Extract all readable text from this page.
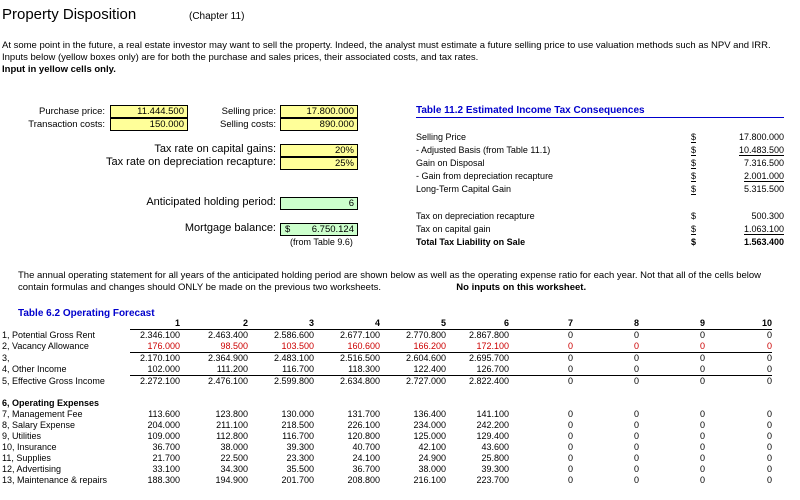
Property Disposition	(Chapter 11)
At some point in the future, a real estate investor may want to sell the property. Indeed, the analyst must estimate a future selling price to use valuation methods such as NPV and IRR. Inputs below (yellow boxes only) are for both the purchase and sales prices, their associated costs, and tax rates.
Input in yellow cells only.
Purchase price:	11.444.500
Transaction costs:	150.000
Selling price:	17.800.000
Selling costs:	890.000
Tax rate on capital gains:	20%
Tax rate on depreciation recapture:	25%
Anticipated holding period:	6
Mortgage balance: $ 6.750.124
(from Table 9.6)
Table 11.2 Estimated Income Tax Consequences
Selling Price	$	17.800.000
- Adjusted Basis (from Table 11.1)	$	10.483.500
Gain on Disposal	$	7.316.500
- Gain from depreciation recapture	$	2.001.000
Long-Term Capital Gain	$	5.315.500
Tax on depreciation recapture	$	500.300
Tax on capital gain	$	1.063.100
Total Tax Liability on Sale	$	1.563.400
The annual operating statement for all years of the anticipated holding period are shown below as well as the operating expense ratio for each year. Not that all of the cells below contain formulas and changes should ONLY be made on the previous two worksheets.	No inputs on this worksheet.
Table 6.2 Operating Forecast
	1	2	3	4	5	6	7	8	9	10
1, Potential Gross Rent	2.346.100	2.463.400	2.586.600	2.677.100	2.770.800	2.867.800	0	0	0	0
2, Vacancy Allowance	176.000	98.500	103.500	160.600	166.200	172.100	0	0	0	0
3,	2.170.100	2.364.900	2.483.100	2.516.500	2.604.600	2.695.700	0	0	0	0
4, Other Income	102.000	111.200	116.700	118.300	122.400	126.700	0	0	0	0
5, Effective Gross Income	2.272.100	2.476.100	2.599.800	2.634.800	2.727.000	2.822.400	0	0	0	0

6, Operating Expenses										
7, Management Fee	113.600	123.800	130.000	131.700	136.400	141.100	0	0	0	0
8, Salary Expense	204.000	211.100	218.500	226.100	234.000	242.200	0	0	0	0
9, Utilities	109.000	112.800	116.700	120.800	125.000	129.400	0	0	0	0
10, Insurance	36.700	38.000	39.300	40.700	42.100	43.600	0	0	0	0
11, Supplies	21.700	22.500	23.300	24.100	24.900	25.800	0	0	0	0
12, Advertising	33.100	34.300	35.500	36.700	38.000	39.300	0	0	0	0
13, Maintenance & repairs	188.300	194.900	201.700	208.800	216.100	223.700	0	0	0	0
